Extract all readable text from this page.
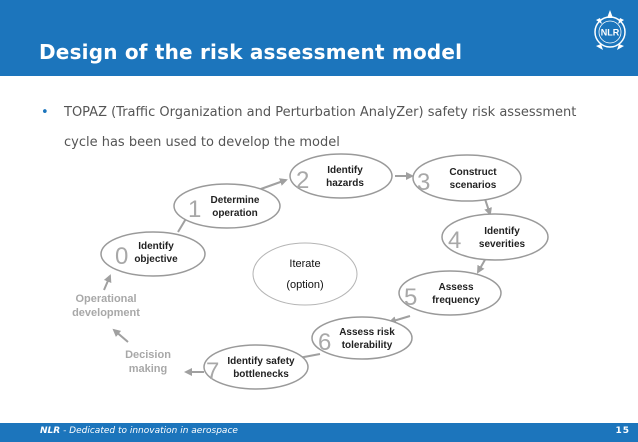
Design of the risk assessment model
NLR
• TOPAZ (Traffic Organization and Perturbation AnalyZer) safety risk assessment cycle has been used to develop the model
0 Identify
objective
1 Determine
operation
2 Identify
hazards 3 Construct
scenarios
4 Identify
severities
5 Assess
frequency
6 Assess risk
tolerability
7 Identify safety
bottlenecks
Iterate
(option)
Decision
making
Operational
development
NLR - Dedicated to innovation in aerospace	15
